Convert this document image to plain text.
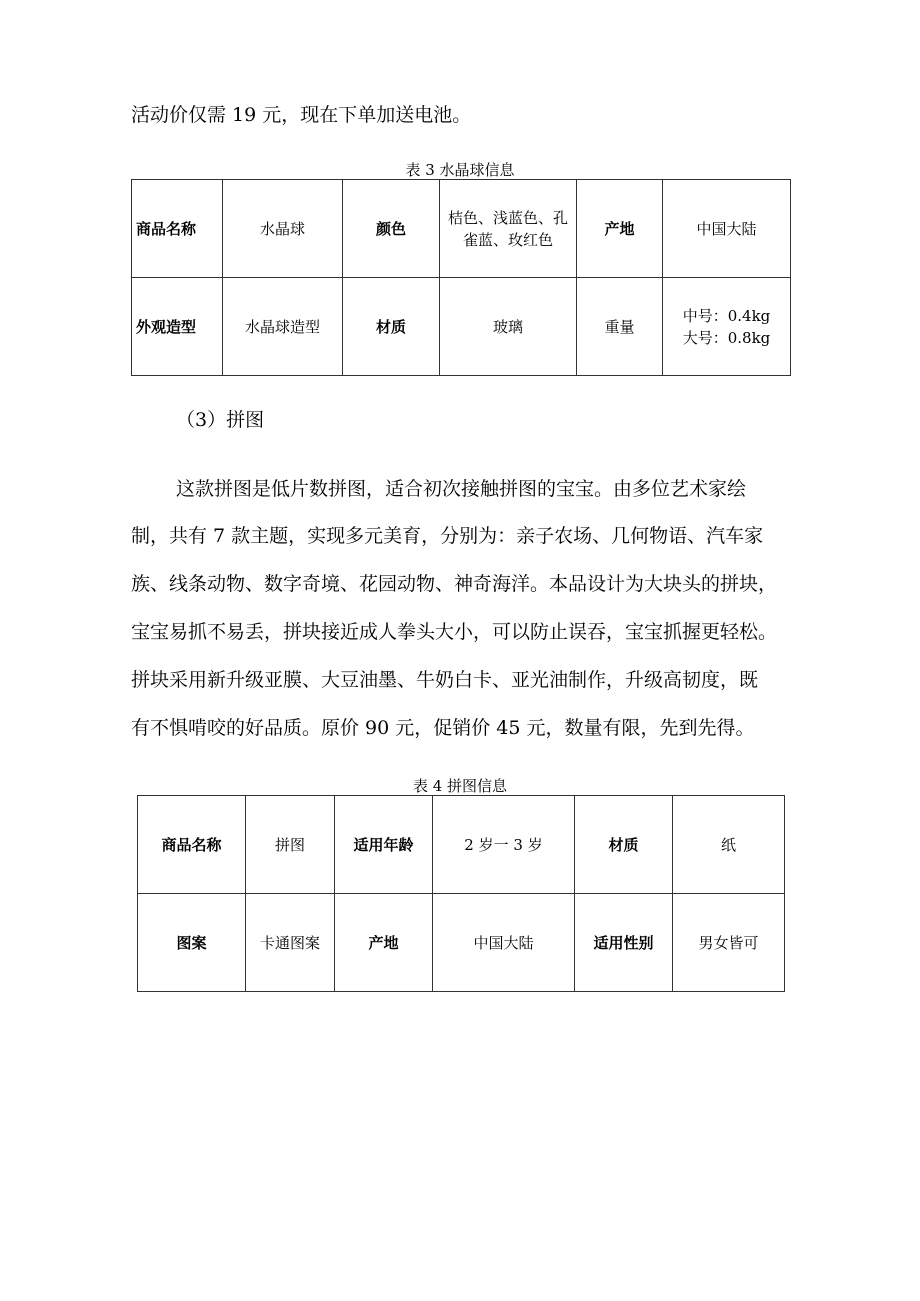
活动价仅需 19 元，现在下单加送电池。
表 3 水晶球信息
商品名称	水晶球	颜色	桔色、浅蓝色、孔
雀蓝、玫红色	产地	中国大陆
外观造型	水晶球造型	材质	玻璃	重量	中号：0.4kg
大号：0.8kg
（3）拼图
这款拼图是低片数拼图，适合初次接触拼图的宝宝。由多位艺术家绘
制，共有 7 款主题，实现多元美育，分别为：亲子农场、几何物语、汽车家
族、线条动物、数字奇境、花园动物、神奇海洋。本品设计为大块头的拼块，
宝宝易抓不易丢，拼块接近成人拳头大小，可以防止误吞，宝宝抓握更轻松。
拼块采用新升级亚膜、大豆油墨、牛奶白卡、亚光油制作，升级高韧度，既
有不惧啃咬的好品质。原价 90 元，促销价 45 元，数量有限，先到先得。
表 4 拼图信息
商品名称	拼图	适用年龄	2 岁一 3 岁	材质	纸
图案	卡通图案	产地	中国大陆	适用性别	男女皆可
